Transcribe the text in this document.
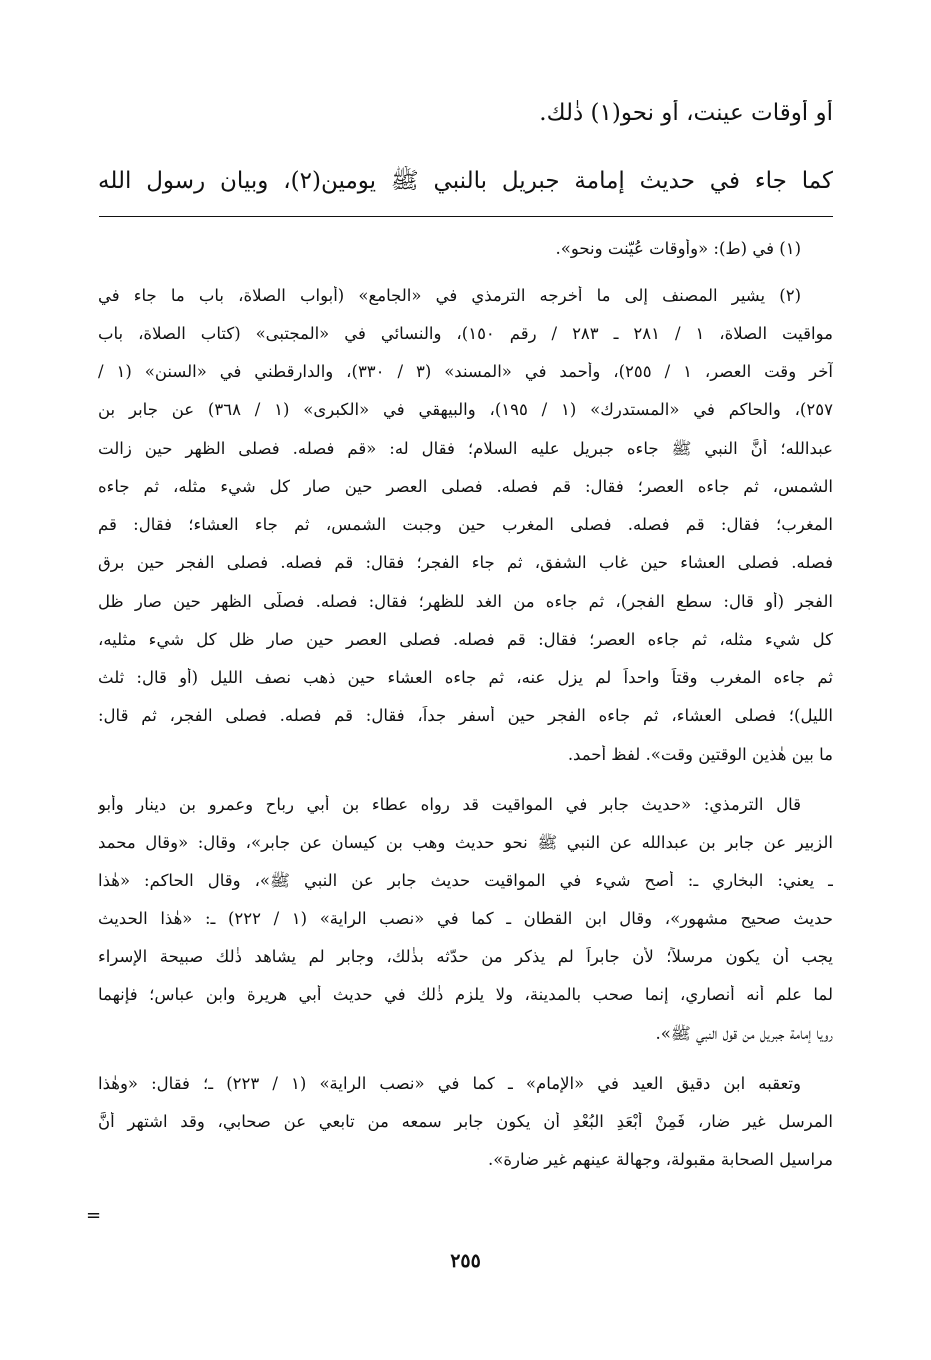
أو أوقات عينت، أو نحو(١) ذٰلك.
كما جاء في حديث إمامة جبريل بالنبي ﷺ يومين(٢)، وبيان رسول الله
(١) في (ط): «وأوقات عُيّنت ونحو».
(٢) يشير المصنف إلى ما أخرجه الترمذي في «الجامع» (أبواب الصلاة، باب ما جاء في
مواقيت الصلاة، ١ / ٢٨١ ـ ٢٨٣ / رقم ١٥٠)، والنسائي في «المجتبى» (كتاب الصلاة، باب
آخر وقت العصر، ١ / ٢٥٥)، وأحمد في «المسند» (٣ / ٣٣٠)، والدارقطني في «السنن» (١ /
٢٥٧)، والحاكم في «المستدرك» (١ / ١٩٥)، والبيهقي في «الكبرى» (١ / ٣٦٨) عن جابر بن
عبدالله؛ أنَّ النبي ﷺ جاءه جبريل عليه السلام؛ فقال له: «قم فصله. فصلى الظهر حين زالت
الشمس، ثم جاءه العصر؛ فقال: قم فصله. فصلى العصر حين صار كل شيء مثله، ثم جاءه
المغرب؛ فقال: قم فصله. فصلى المغرب حين وجبت الشمس، ثم جاء العشاء؛ فقال: قم
فصله. فصلى العشاء حين غاب الشفق، ثم جاء الفجر؛ فقال: قم فصله. فصلى الفجر حين برق
الفجر (أو قال: سطع الفجر)، ثم جاءه من الغد للظهر؛ فقال: فصله. فصلَّى الظهر حين صار ظل
كل شيء مثله، ثم جاءه العصر؛ فقال: قم فصله. فصلى العصر حين صار ظل كل شيء مثليه،
ثم جاءه المغرب وقتاً واحداً لم يزل عنه، ثم جاءه العشاء حين ذهب نصف الليل (أو قال: ثلث
الليل)؛ فصلى العشاء، ثم جاءه الفجر حين أسفر جداً، فقال: قم فصله. فصلى الفجر، ثم قال:
ما بين هٰذين الوقتين وقت». لفظ أحمد.
قال الترمذي: «حديث جابر في المواقيت قد رواه عطاء بن أبي رباح وعمرو بن دينار وأبو
الزبير عن جابر بن عبدالله عن النبي ﷺ نحو حديث وهب بن كيسان عن جابر»، وقال: «وقال محمد
ـ يعني: البخاري ـ: أصح شيء في المواقيت حديث جابر عن النبي ﷺ»، وقال الحاكم: «هٰذا
حديث صحيح مشهور»، وقال ابن القطان ـ كما في «نصب الراية» (١ / ٢٢٢) ـ: «هٰذا الحديث
يجب أن يكون مرسلاً؛ لأن جابراً لم يذكر من حدّثه بذٰلك، وجابر لم يشاهد ذٰلك صبيحة الإسراء
لما علم أنه أنصاري، إنما صحب بالمدينة، ولا يلزم ذٰلك في حديث أبي هريرة وابن عباس؛ فإنهما
رويا إمامة جبريل من قول النبي ﷺ».
وتعقبه ابن دقيق العيد في «الإمام» ـ كما في «نصب الراية» (١ / ٢٢٣) ـ؛ فقال: «وهٰذا
المرسل غير ضار، فَمِنْ أَبْعَدِ البُعْدِ أن يكون جابر سمعه من تابعي عن صحابي، وقد اشتهر أنَّ
مراسيل الصحابة مقبولة، وجهالة عينهم غير ضارة».
=
٢٥٥
